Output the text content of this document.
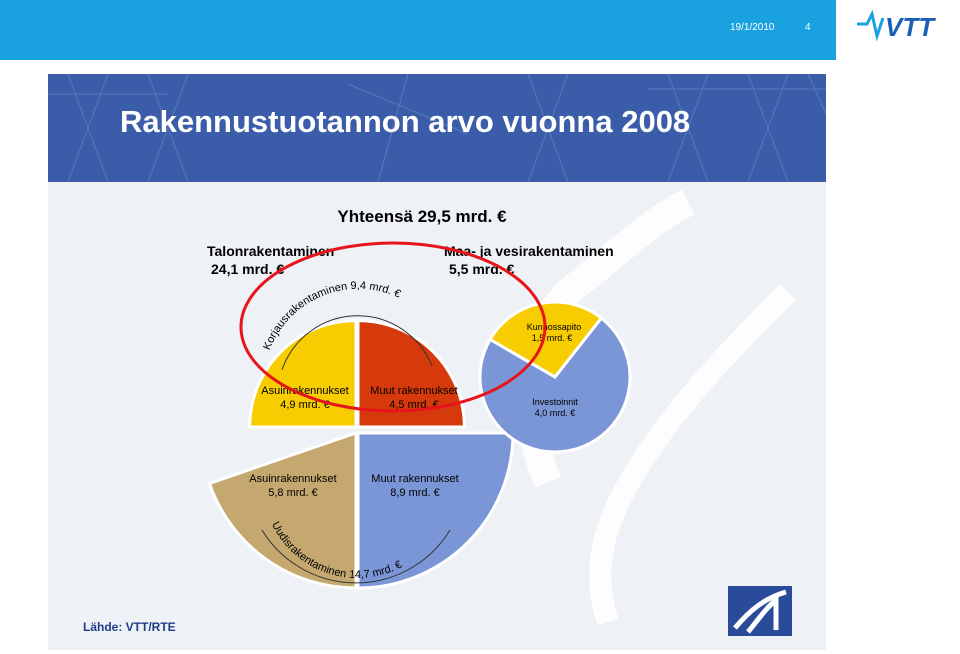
19/1/2010	4	VTT
Rakennustuotannon arvo vuonna 2008
Yhteensä 29,5 mrd. €
Talonrakentaminen
24,1 mrd. €
Maa- ja vesirakentaminen
5,5 mrd. €
Korjausrakentaminen 9,4 mrd. €
Uudisrakentaminen 14,7 mrd. €
Asuinrakennukset
4,9 mrd. €
Muut rakennukset
4,5 mrd. €
Asuinrakennukset
5,8 mrd. €
Muut rakennukset
8,9 mrd. €
Kunnossapito
1,5 mrd. €
Investoinnit
4,0 mrd. €
Lähde: VTT/RTE
